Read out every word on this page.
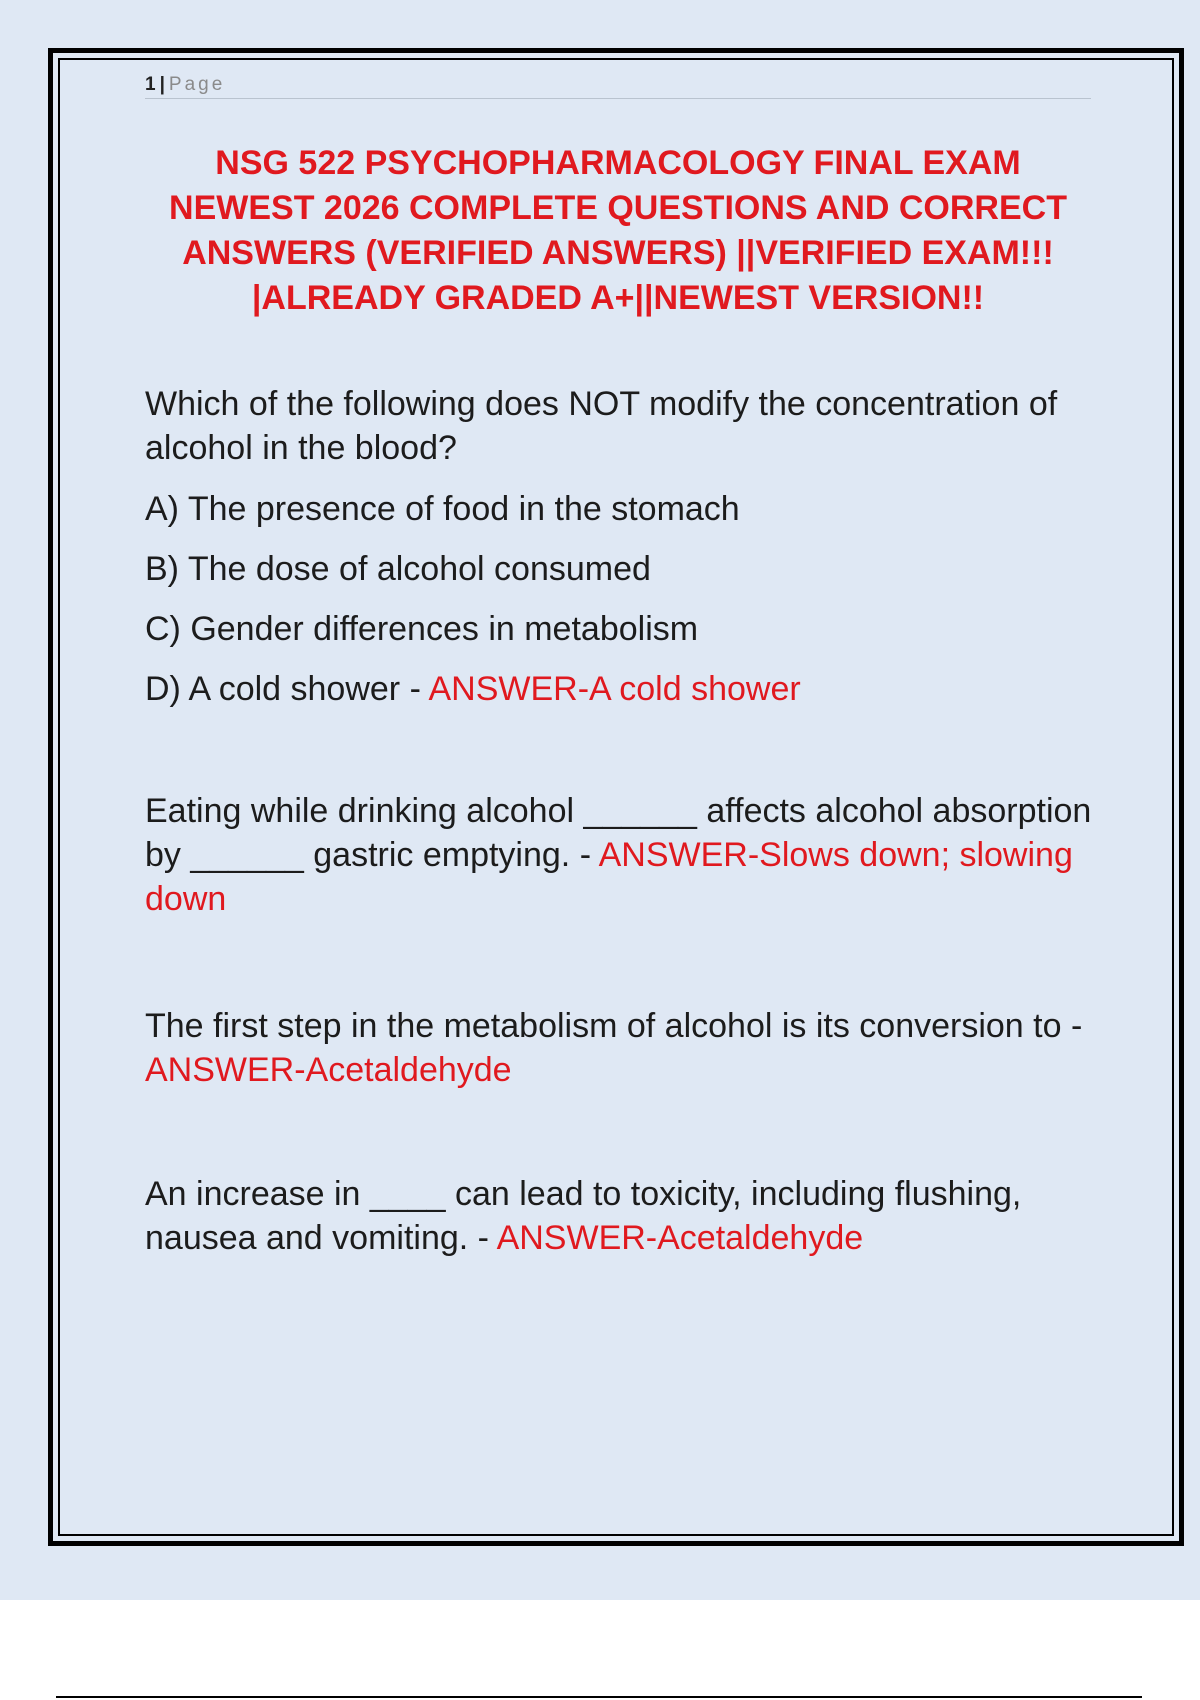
1 | Page
NSG 522 PSYCHOPHARMACOLOGY FINAL EXAM NEWEST 2026 COMPLETE QUESTIONS AND CORRECT ANSWERS (VERIFIED ANSWERS) ||VERIFIED EXAM!!! |ALREADY GRADED A+||NEWEST VERSION!!

Which of the following does NOT modify the concentration of alcohol in the blood?

A) The presence of food in the stomach

B) The dose of alcohol consumed

C) Gender differences in metabolism

D) A cold shower - ANSWER-A cold shower

Eating while drinking alcohol ______ affects alcohol absorption by ______ gastric emptying. - ANSWER-Slows down; slowing down

The first step in the metabolism of alcohol is its conversion to - ANSWER-Acetaldehyde

An increase in ____ can lead to toxicity, including flushing, nausea and vomiting. - ANSWER-Acetaldehyde
